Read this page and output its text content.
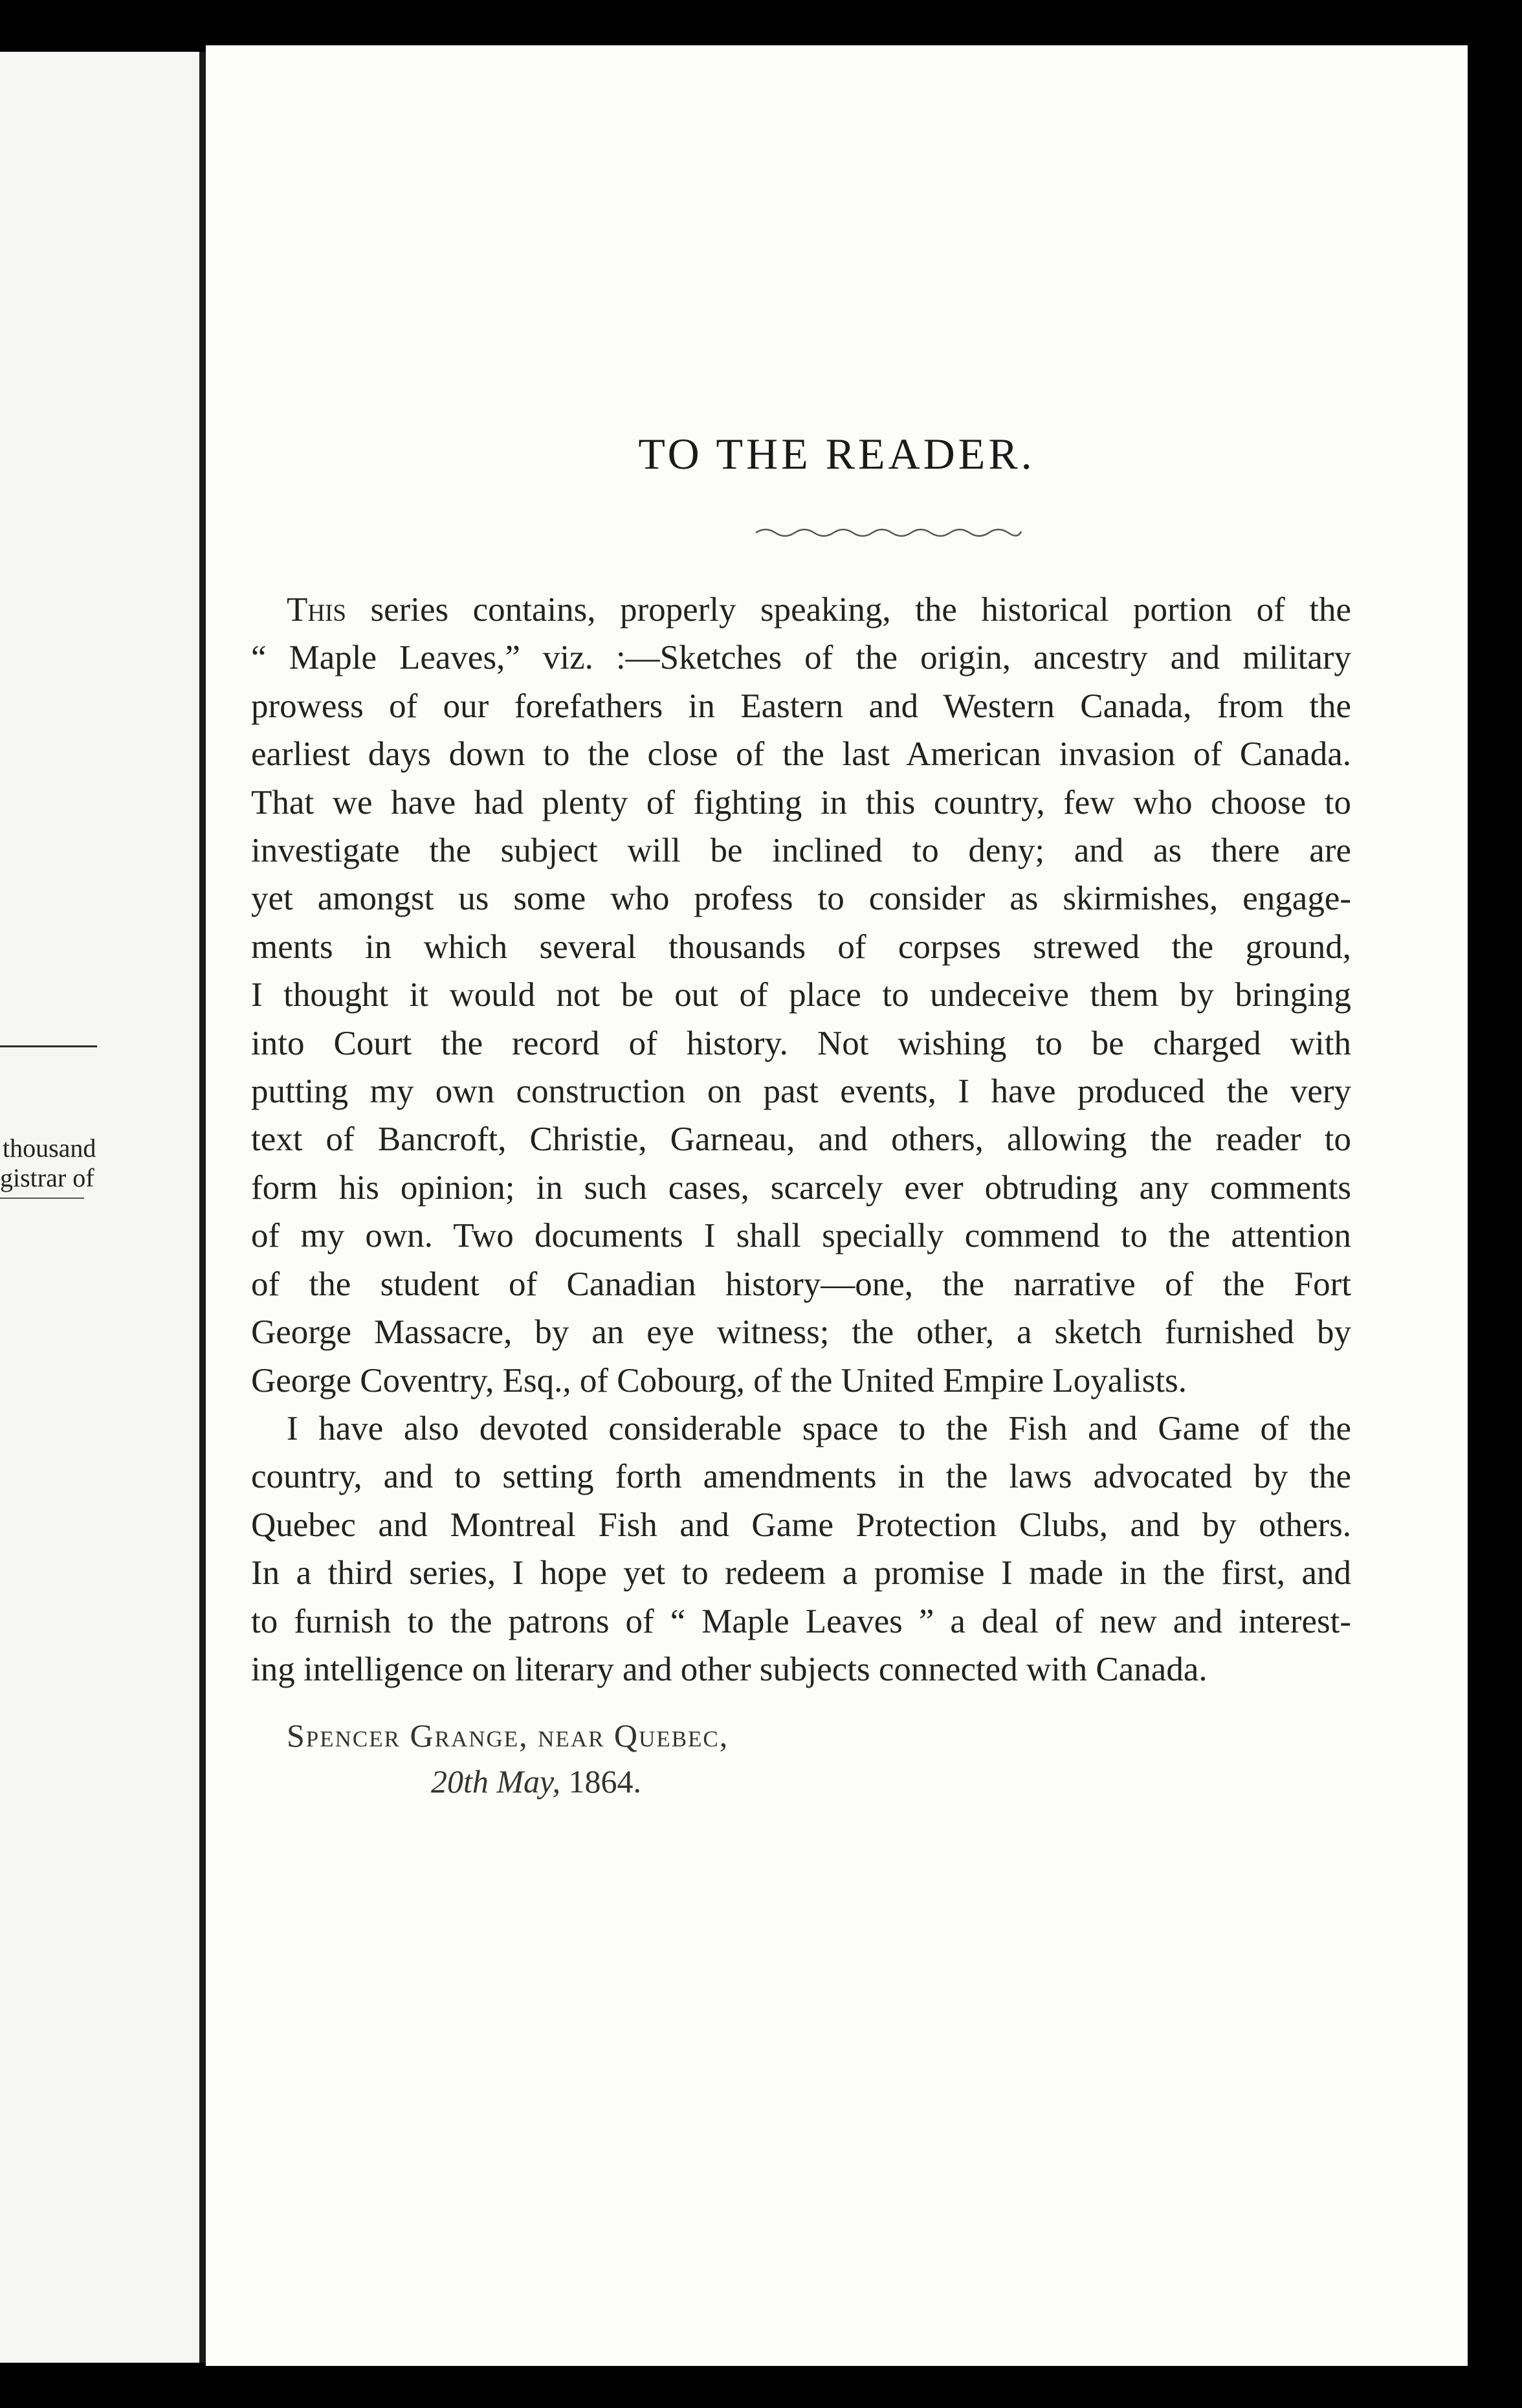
thousand
gistrar of
TO THE READER.
This series contains, properly speaking, the historical portion of the
“ Maple Leaves,” viz. :—Sketches of the origin, ancestry and military
prowess of our forefathers in Eastern and Western Canada, from the
earliest days down to the close of the last American invasion of Canada.
That we have had plenty of fighting in this country, few who choose to
investigate the subject will be inclined to deny; and as there are
yet amongst us some who profess to consider as skirmishes, engage-
ments in which several thousands of corpses strewed the ground,
I thought it would not be out of place to undeceive them by bringing
into Court the record of history. Not wishing to be charged with
putting my own construction on past events, I have produced the very
text of Bancroft, Christie, Garneau, and others, allowing the reader to
form his opinion; in such cases, scarcely ever obtruding any comments
of my own. Two documents I shall specially commend to the attention
of the student of Canadian history—one, the narrative of the Fort
George Massacre, by an eye witness; the other, a sketch furnished by
George Coventry, Esq., of Cobourg, of the United Empire Loyalists.
I have also devoted considerable space to the Fish and Game of the
country, and to setting forth amendments in the laws advocated by the
Quebec and Montreal Fish and Game Protection Clubs, and by others.
In a third series, I hope yet to redeem a promise I made in the first, and
to furnish to the patrons of “ Maple Leaves ” a deal of new and interest-
ing intelligence on literary and other subjects connected with Canada.
Spencer Grange, near Quebec,
20th May, 1864.
